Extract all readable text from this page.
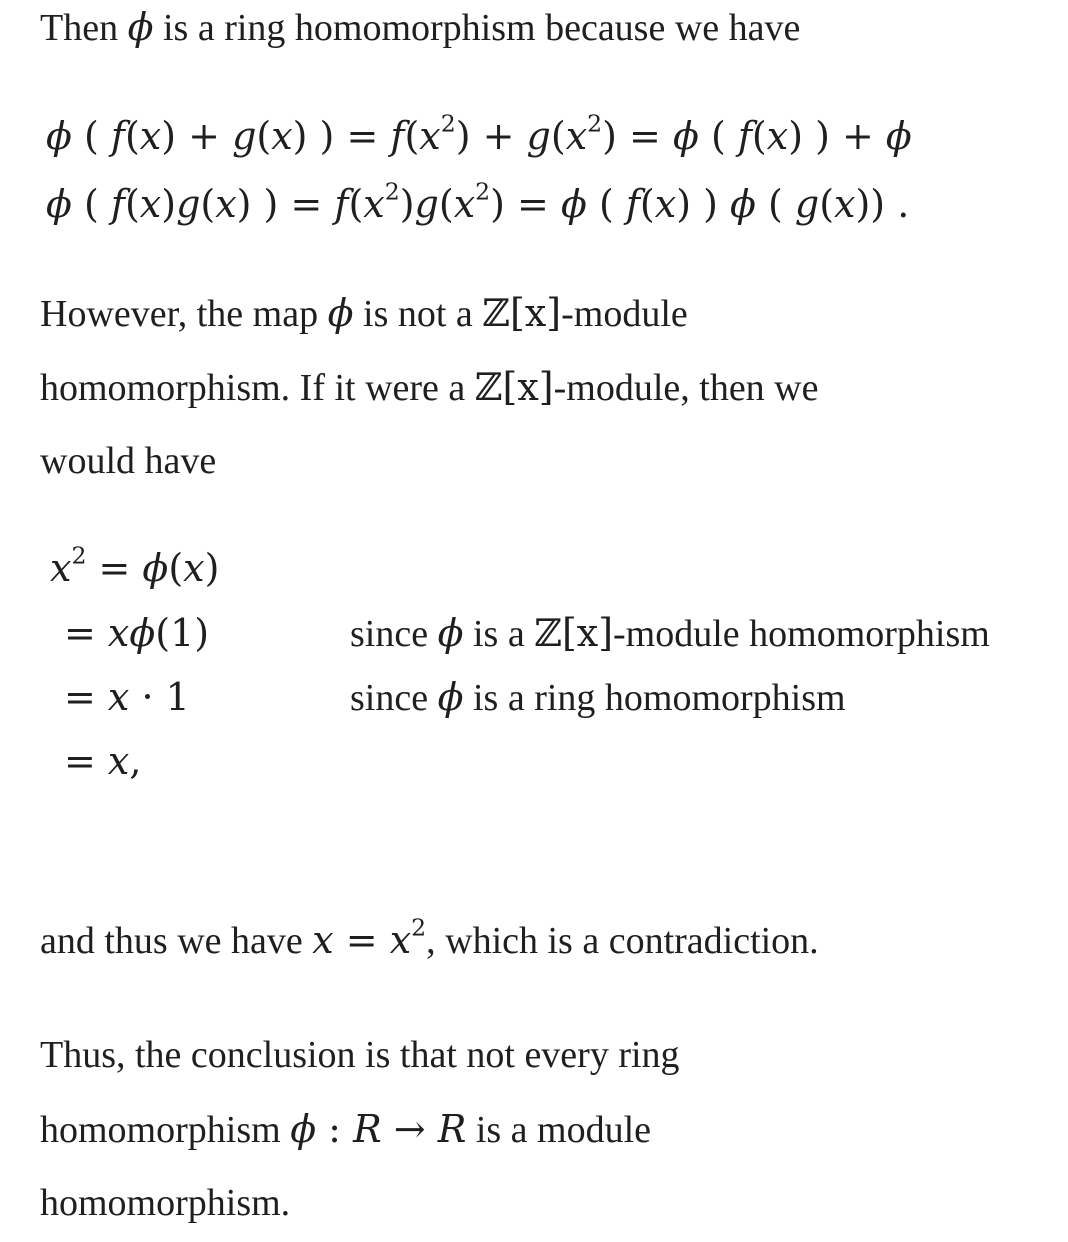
Then ϕ is a ring homomorphism because we have
ϕ ( f(x) + g(x) ) = $f(x^2) + g(x^2) = \phi$ ( f(x) ) + ϕ
ϕ ( f(x)g(x) ) = $f(x^2)g(x^2) = \phi$ ( f(x) ) ϕ ( g(x)) .
However, the map ϕ is not a ℤ[x]-module
homomorphism. If it were a ℤ[x]-module, then we
would have
$x^2 = \phi(x)$
= xϕ(1)	since ϕ is a ℤ[x]-module homomorphism
= x · 1	since ϕ is a ring homomorphism
= x,
and thus we have $x = x^2$, which is a contradiction.
Thus, the conclusion is that not every ring
homomorphism ϕ : R → R is a module
homomorphism.
